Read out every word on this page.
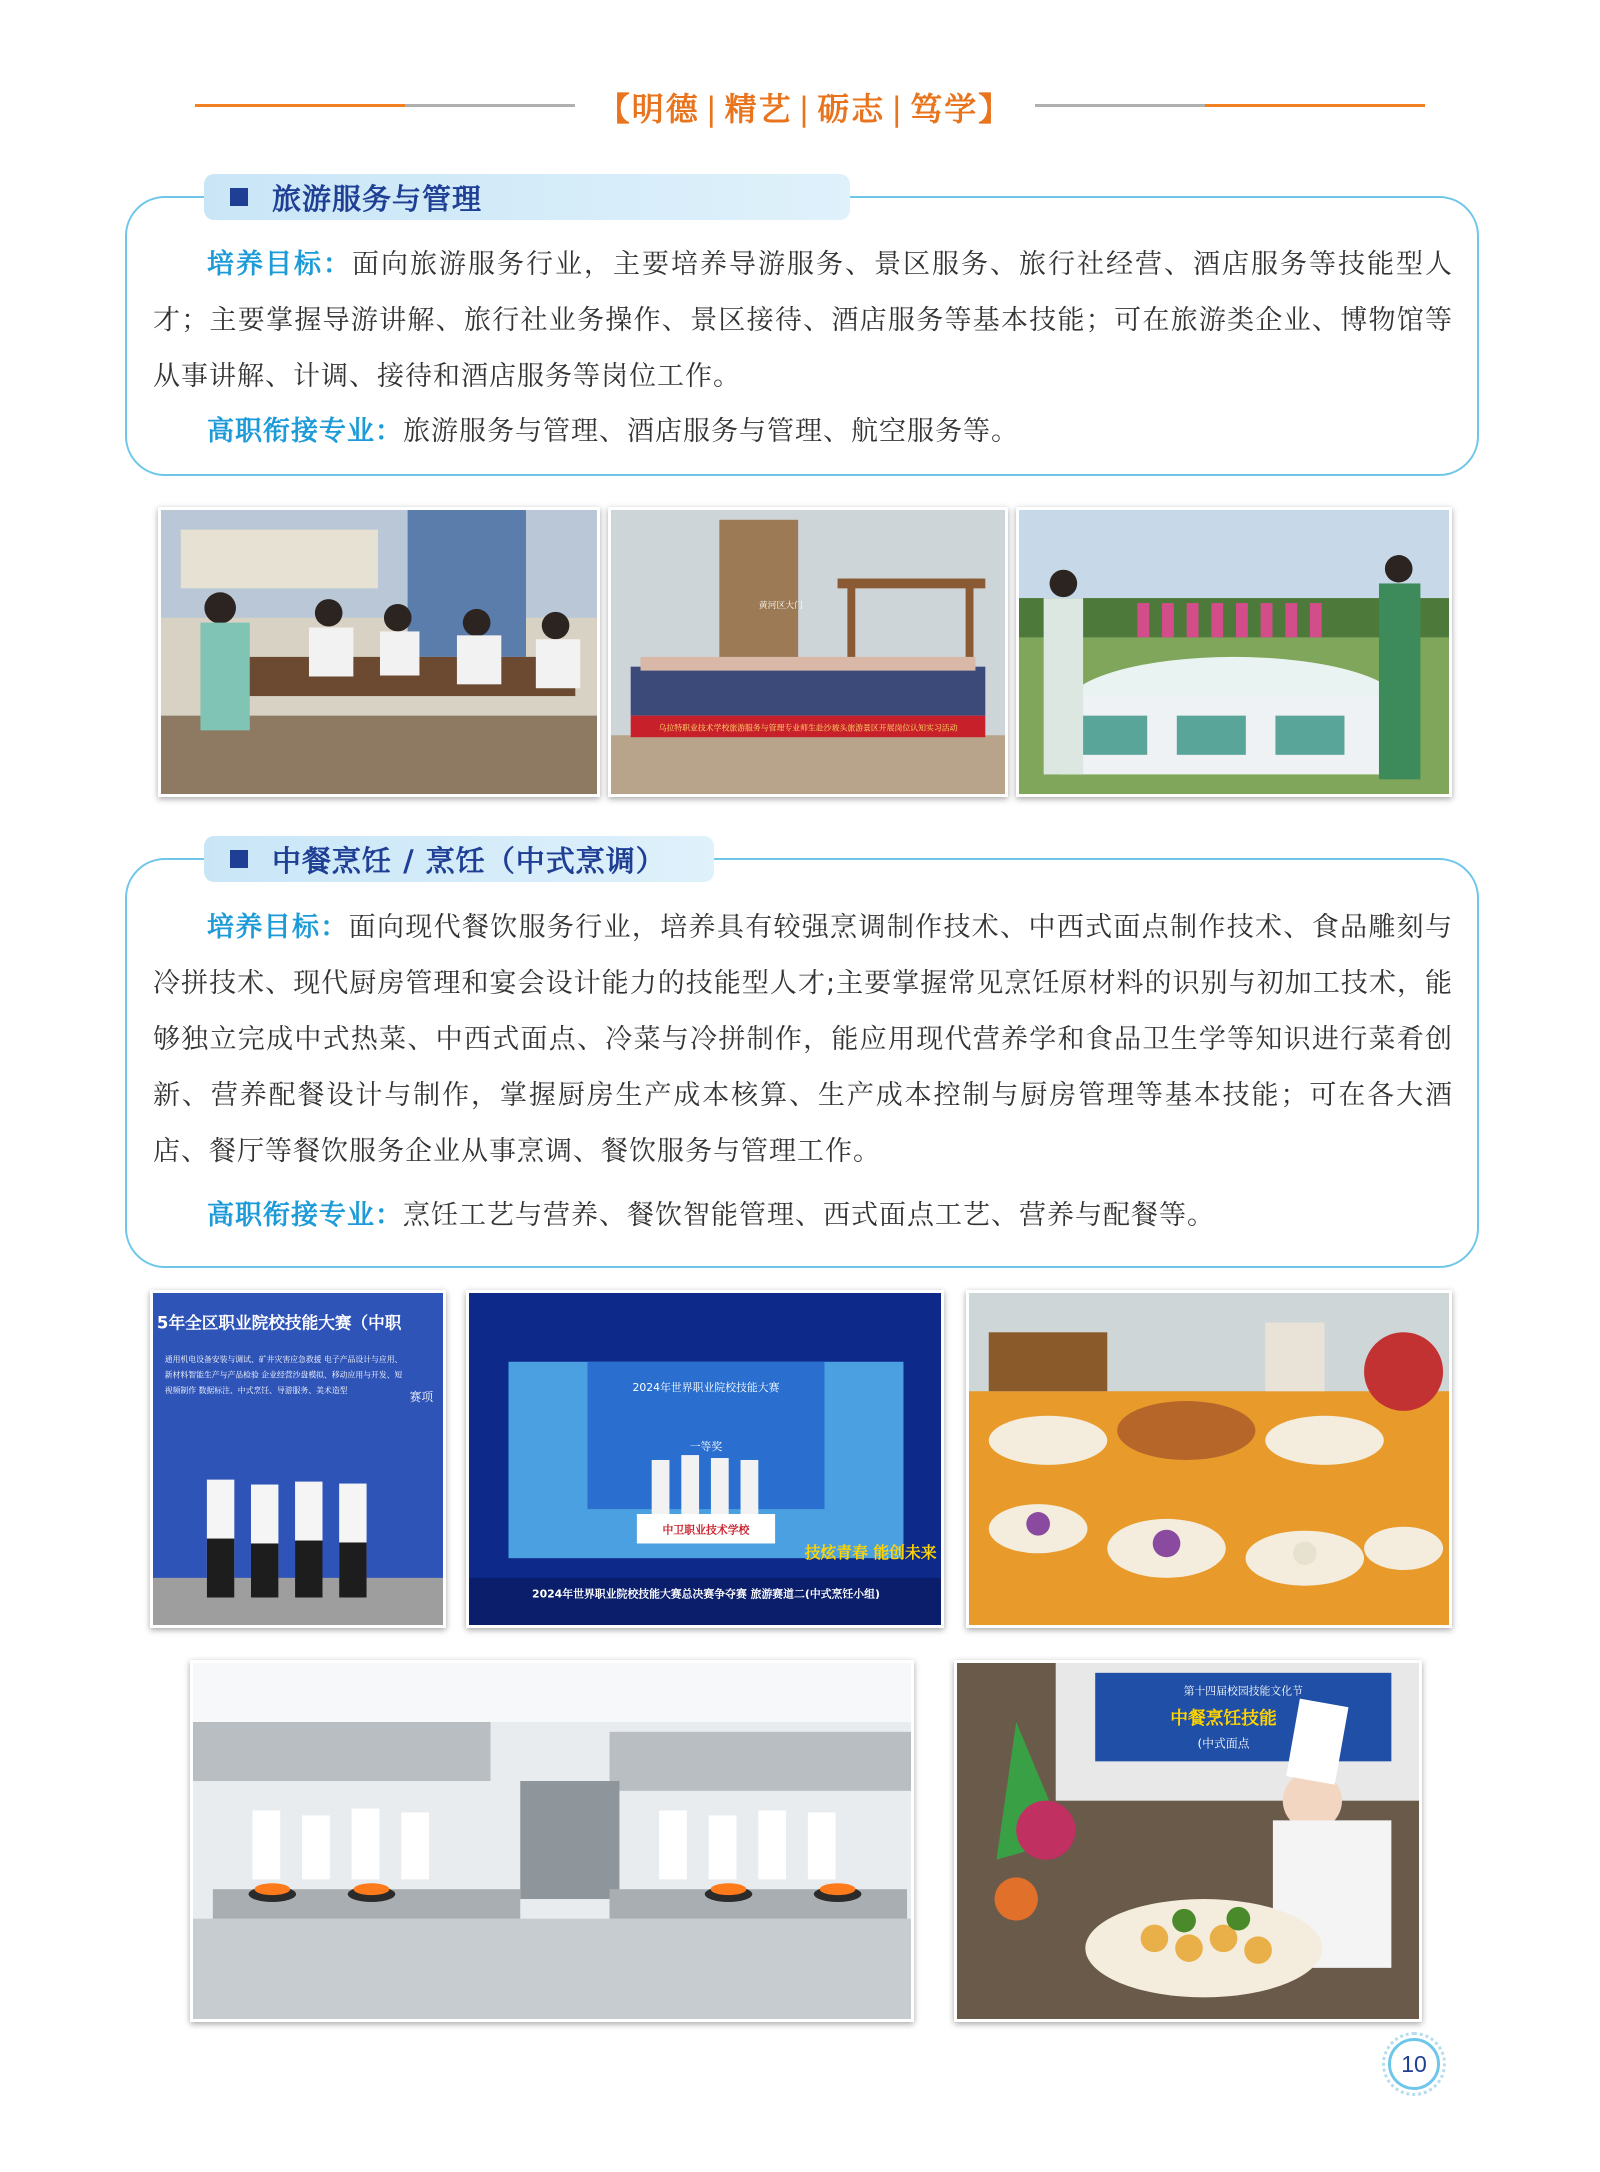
【明德 | 精艺 | 砺志 | 笃学】
旅游服务与管理
培养目标：面向旅游服务行业，主要培养导游服务、景区服务、旅行社经营、酒店服务等技能型人才；主要掌握导游讲解、旅行社业务操作、景区接待、酒店服务等基本技能；可在旅游类企业、博物馆等从事讲解、计调、接待和酒店服务等岗位工作。
高职衔接专业：旅游服务与管理、酒店服务与管理、航空服务等。
黄河区大门
乌拉特职业技术学校旅游服务与管理专业师生赴沙坡头旅游景区开展岗位认知实习活动
中餐烹饪 / 烹饪（中式烹调）
培养目标：面向现代餐饮服务行业，培养具有较强烹调制作技术、中西式面点制作技术、食品雕刻与冷拼技术、现代厨房管理和宴会设计能力的技能型人才;主要掌握常见烹饪原材料的识别与初加工技术，能够独立完成中式热菜、中西式面点、冷菜与冷拼制作，能应用现代营养学和食品卫生学等知识进行菜肴创新、营养配餐设计与制作，掌握厨房生产成本核算、生产成本控制与厨房管理等基本技能；可在各大酒店、餐厅等餐饮服务企业从事烹调、餐饮服务与管理工作。
高职衔接专业：烹饪工艺与营养、餐饮智能管理、西式面点工艺、营养与配餐等。
5年全区职业院校技能大赛（中职
通用机电设备安装与调试、矿井灾害应急救援 电子产品设计与应用、新材料智能生产与产品检验 企业经营沙盘模拟、移动应用与开发、短视频制作 数据标注、中式烹饪、导游服务、美术造型	赛项
2024年世界职业院校技能大赛
一等奖
中卫职业技术学校
技炫青春 能创未来
2024年世界职业院校技能大赛总决赛争夺赛 旅游赛道二(中式烹饪小组)
第十四届校园技能文化节
中餐烹饪技能
(中式面点
10
